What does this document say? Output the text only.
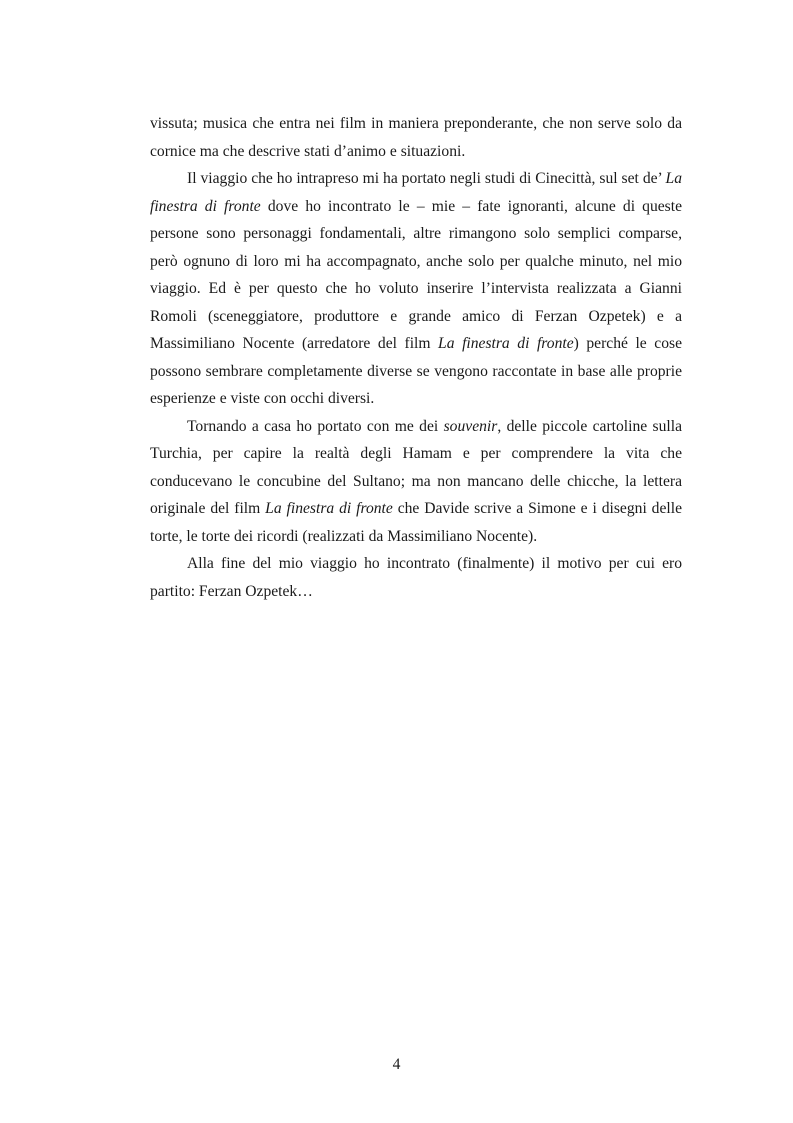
vissuta; musica che entra nei film in maniera preponderante, che non serve solo da cornice ma che descrive stati d’animo e situazioni.

Il viaggio che ho intrapreso mi ha portato negli studi di Cinecittà, sul set de’ La finestra di fronte dove ho incontrato le – mie – fate ignoranti, alcune di queste persone sono personaggi fondamentali, altre rimangono solo semplici comparse, però ognuno di loro mi ha accompagnato, anche solo per qualche minuto, nel mio viaggio. Ed è per questo che ho voluto inserire l’intervista realizzata a Gianni Romoli (sceneggiatore, produttore e grande amico di Ferzan Ozpetek) e a Massimiliano Nocente (arredatore del film La finestra di fronte) perché le cose possono sembrare completamente diverse se vengono raccontate in base alle proprie esperienze e viste con occhi diversi.

Tornando a casa ho portato con me dei souvenir, delle piccole cartoline sulla Turchia, per capire la realtà degli Hamam e per comprendere la vita che conducevano le concubine del Sultano; ma non mancano delle chicche, la lettera originale del film La finestra di fronte che Davide scrive a Simone e i disegni delle torte, le torte dei ricordi (realizzati da Massimiliano Nocente).

Alla fine del mio viaggio ho incontrato (finalmente) il motivo per cui ero partito: Ferzan Ozpetek…

4
